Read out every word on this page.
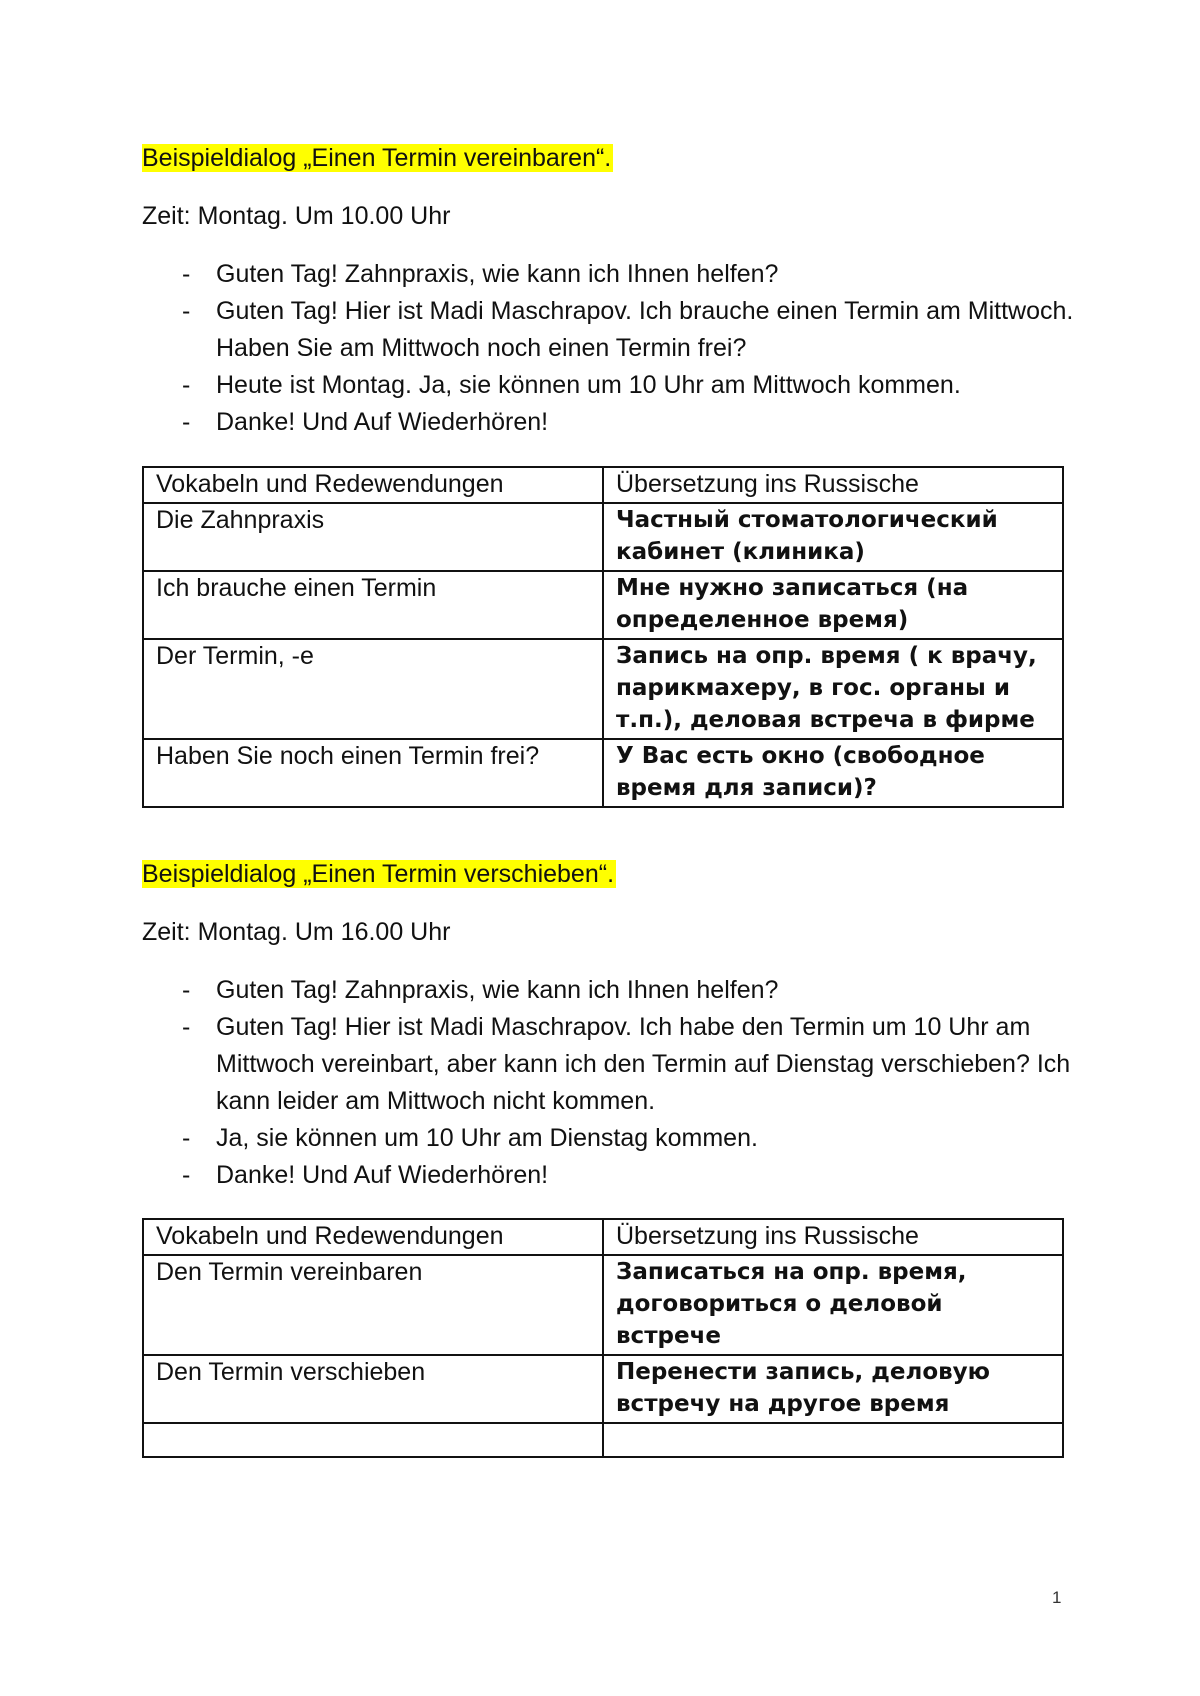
Beispieldialog „Einen Termin vereinbaren“.
Zeit: Montag. Um 10.00 Uhr
- Guten Tag! Zahnpraxis, wie kann ich Ihnen helfen?
- Guten Tag! Hier ist Madi Maschrapov. Ich brauche einen Termin am Mittwoch. Haben Sie am Mittwoch noch einen Termin frei?
- Heute ist Montag. Ja, sie können um 10 Uhr am Mittwoch kommen.
- Danke! Und Auf Wiederhören!
Vokabeln und Redewendungen	Übersetzung ins Russische
Die Zahnpraxis	Частный стоматологический кабинет (клиника)
Ich brauche einen Termin	Мне нужно записаться (на определенное время)
Der Termin, -e	Запись на опр. время ( к врачу, парикмахеру, в гос. органы и т.п.), деловая встреча в фирме
Haben Sie noch einen Termin frei?	У Вас есть окно (свободное время для записи)?
Beispieldialog „Einen Termin verschieben“.
Zeit: Montag. Um 16.00 Uhr
- Guten Tag! Zahnpraxis, wie kann ich Ihnen helfen?
- Guten Tag! Hier ist Madi Maschrapov. Ich habe den Termin um 10 Uhr am Mittwoch vereinbart, aber kann ich den Termin auf Dienstag verschieben? Ich kann leider am Mittwoch nicht kommen.
- Ja, sie können um 10 Uhr am Dienstag kommen.
- Danke! Und Auf Wiederhören!
Vokabeln und Redewendungen	Übersetzung ins Russische
Den Termin vereinbaren	Записаться на опр. время, договориться о деловой встрече
Den Termin verschieben	Перенести запись, деловую встречу на другое время

1
